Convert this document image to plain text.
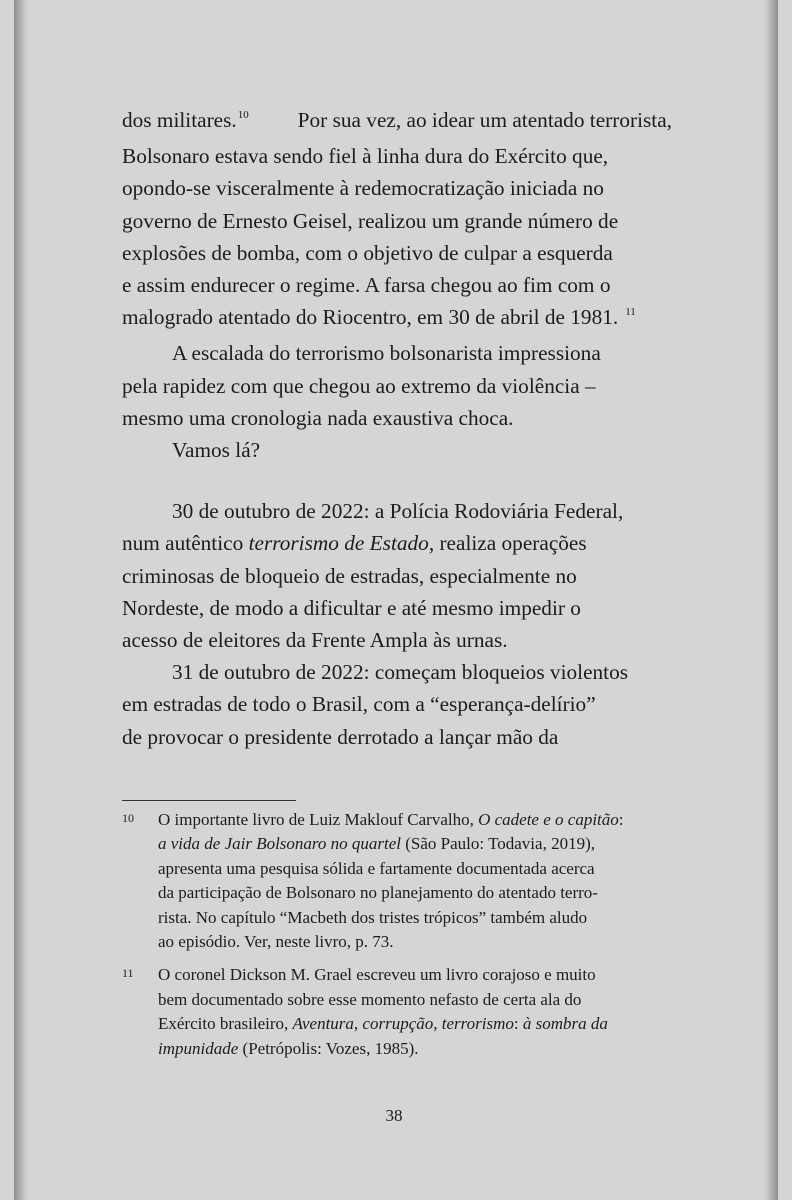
dos militares.$^{10}$ Por sua vez, ao idear um atentado terrorista,
Bolsonaro estava sendo fiel à linha dura do Exército que,
opondo-se visceralmente à redemocratização iniciada no
governo de Ernesto Geisel, realizou um grande número de
explosões de bomba, com o objetivo de culpar a esquerda
e assim endurecer o regime. A farsa chegou ao fim com o
malogrado atentado do Riocentro, em 30 de abril de 1981. $^{11}$
A escalada do terrorismo bolsonarista impressiona
pela rapidez com que chegou ao extremo da violência –
mesmo uma cronologia nada exaustiva choca.
Vamos lá?
30 de outubro de 2022: a Polícia Rodoviária Federal,
num autêntico terrorismo de Estado, realiza operações
criminosas de bloqueio de estradas, especialmente no
Nordeste, de modo a dificultar e até mesmo impedir o
acesso de eleitores da Frente Ampla às urnas.
31 de outubro de 2022: começam bloqueios violentos
em estradas de todo o Brasil, com a “esperança-delírio”
de provocar o presidente derrotado a lançar mão da
10 O importante livro de Luiz Maklouf Carvalho, O cadete e o capitão:
a vida de Jair Bolsonaro no quartel (São Paulo: Todavia, 2019),
apresenta uma pesquisa sólida e fartamente documentada acerca
da participação de Bolsonaro no planejamento do atentado terro-
rista. No capítulo “Macbeth dos tristes trópicos” também aludo
ao episódio. Ver, neste livro, p. 73.
11 O coronel Dickson M. Grael escreveu um livro corajoso e muito
bem documentado sobre esse momento nefasto de certa ala do
Exército brasileiro, Aventura, corrupção, terrorismo: à sombra da
impunidade (Petrópolis: Vozes, 1985).
38
